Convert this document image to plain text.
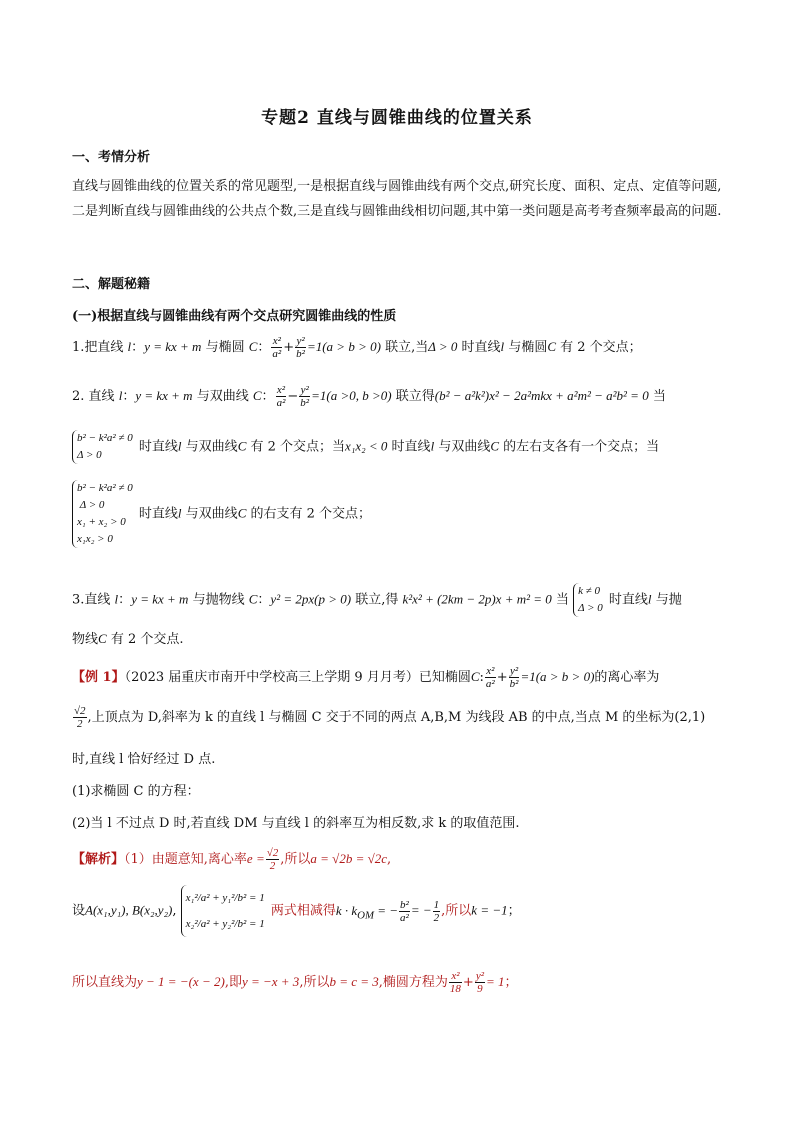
专题2 直线与圆锥曲线的位置关系
一、考情分析
直线与圆锥曲线的位置关系的常见题型,一是根据直线与圆锥曲线有两个交点,研究长度、面积、定点、定值等问题,二是判断直线与圆锥曲线的公共点个数,三是直线与圆锥曲线相切问题,其中第一类问题是高考考查频率最高的问题.
二、解题秘籍
(一)根据直线与圆锥曲线有两个交点研究圆锥曲线的性质
1.把直线 l：y = kx + m 与椭圆 C： $\frac{\text{x²}}{\text{a²}} + \frac{\text{y²}}{\text{b²}} =1(a > b > 0)$ 联立,当Δ > 0 时直线l 与椭圆C 有 2 个交点；
2. 直线 l：y = kx + m 与双曲线 C： $\frac{\text{x²}}{\text{a²}} - \frac{\text{y²}}{\text{b²}} =1(a >0$, b >0) 联立得(b² − a²k²)x² − 2a²mkx + a²m² − a²b² = 0 当
b² − k²a² ≠ 0
Δ > 0 时直线l 与双曲线C 有 2 个交点；当x₁x₂ < 0 时直线l 与双曲线C 的左右支各有一个交点；当
b² − k²a² ≠ 0
Δ > 0
x₁ + x₂ > 0
x₁x₂ > 0 时直线l 与双曲线C 的右支有 2 个交点；
3.直线 l：y = kx + m 与抛物线 C：y² = 2px(p > 0) 联立,得 k²x² + (2km − 2p)x + m² = 0 当 k ≠ 0
Δ > 0 时直线l 与抛
物线C 有 2 个交点.
【例 1】（2023 届重庆市南开中学校高三上学期 9 月月考）已知椭圆C: $\frac{\text{x²}}{\text{a²}} + \frac{\text{y²}}{\text{b²}} =1(a > b > 0)$的离心率为
$\frac{√2}{2}$ ,上顶点为 D,斜率为 k 的直线 l 与椭圆 C 交于不同的两点 A,B,M 为线段 AB 的中点,当点 M 的坐标为(2,1)
时,直线 l 恰好经过 D 点.
(1)求椭圆 C 的方程：
(2)当 l 不过点 D 时,若直线 DM 与直线 l 的斜率互为相反数,求 k 的取值范围.
【解析】（1）由题意知,离心率$e = \frac{√2}{2}$ ,所以a = √2b = √2c,
设A(x₁,y₁), B(x₂,y₂), x₁²/a² + y₁²/b² = 1
x₂²/a² + y₂²/b² = 1 两式相减得$k \cdot k_{OM}$ = − $\frac{\text{b²}}{\text{a²}}$ = − $\frac{1}{2}$ ,所以k = −1；
所以直线为y − 1 = −(x − 2),即y = −x + 3,所以b = c = 3,椭圆方程为 $\frac{\text{x²}}{18} + \frac{\text{y²}}{9} = 1$；
